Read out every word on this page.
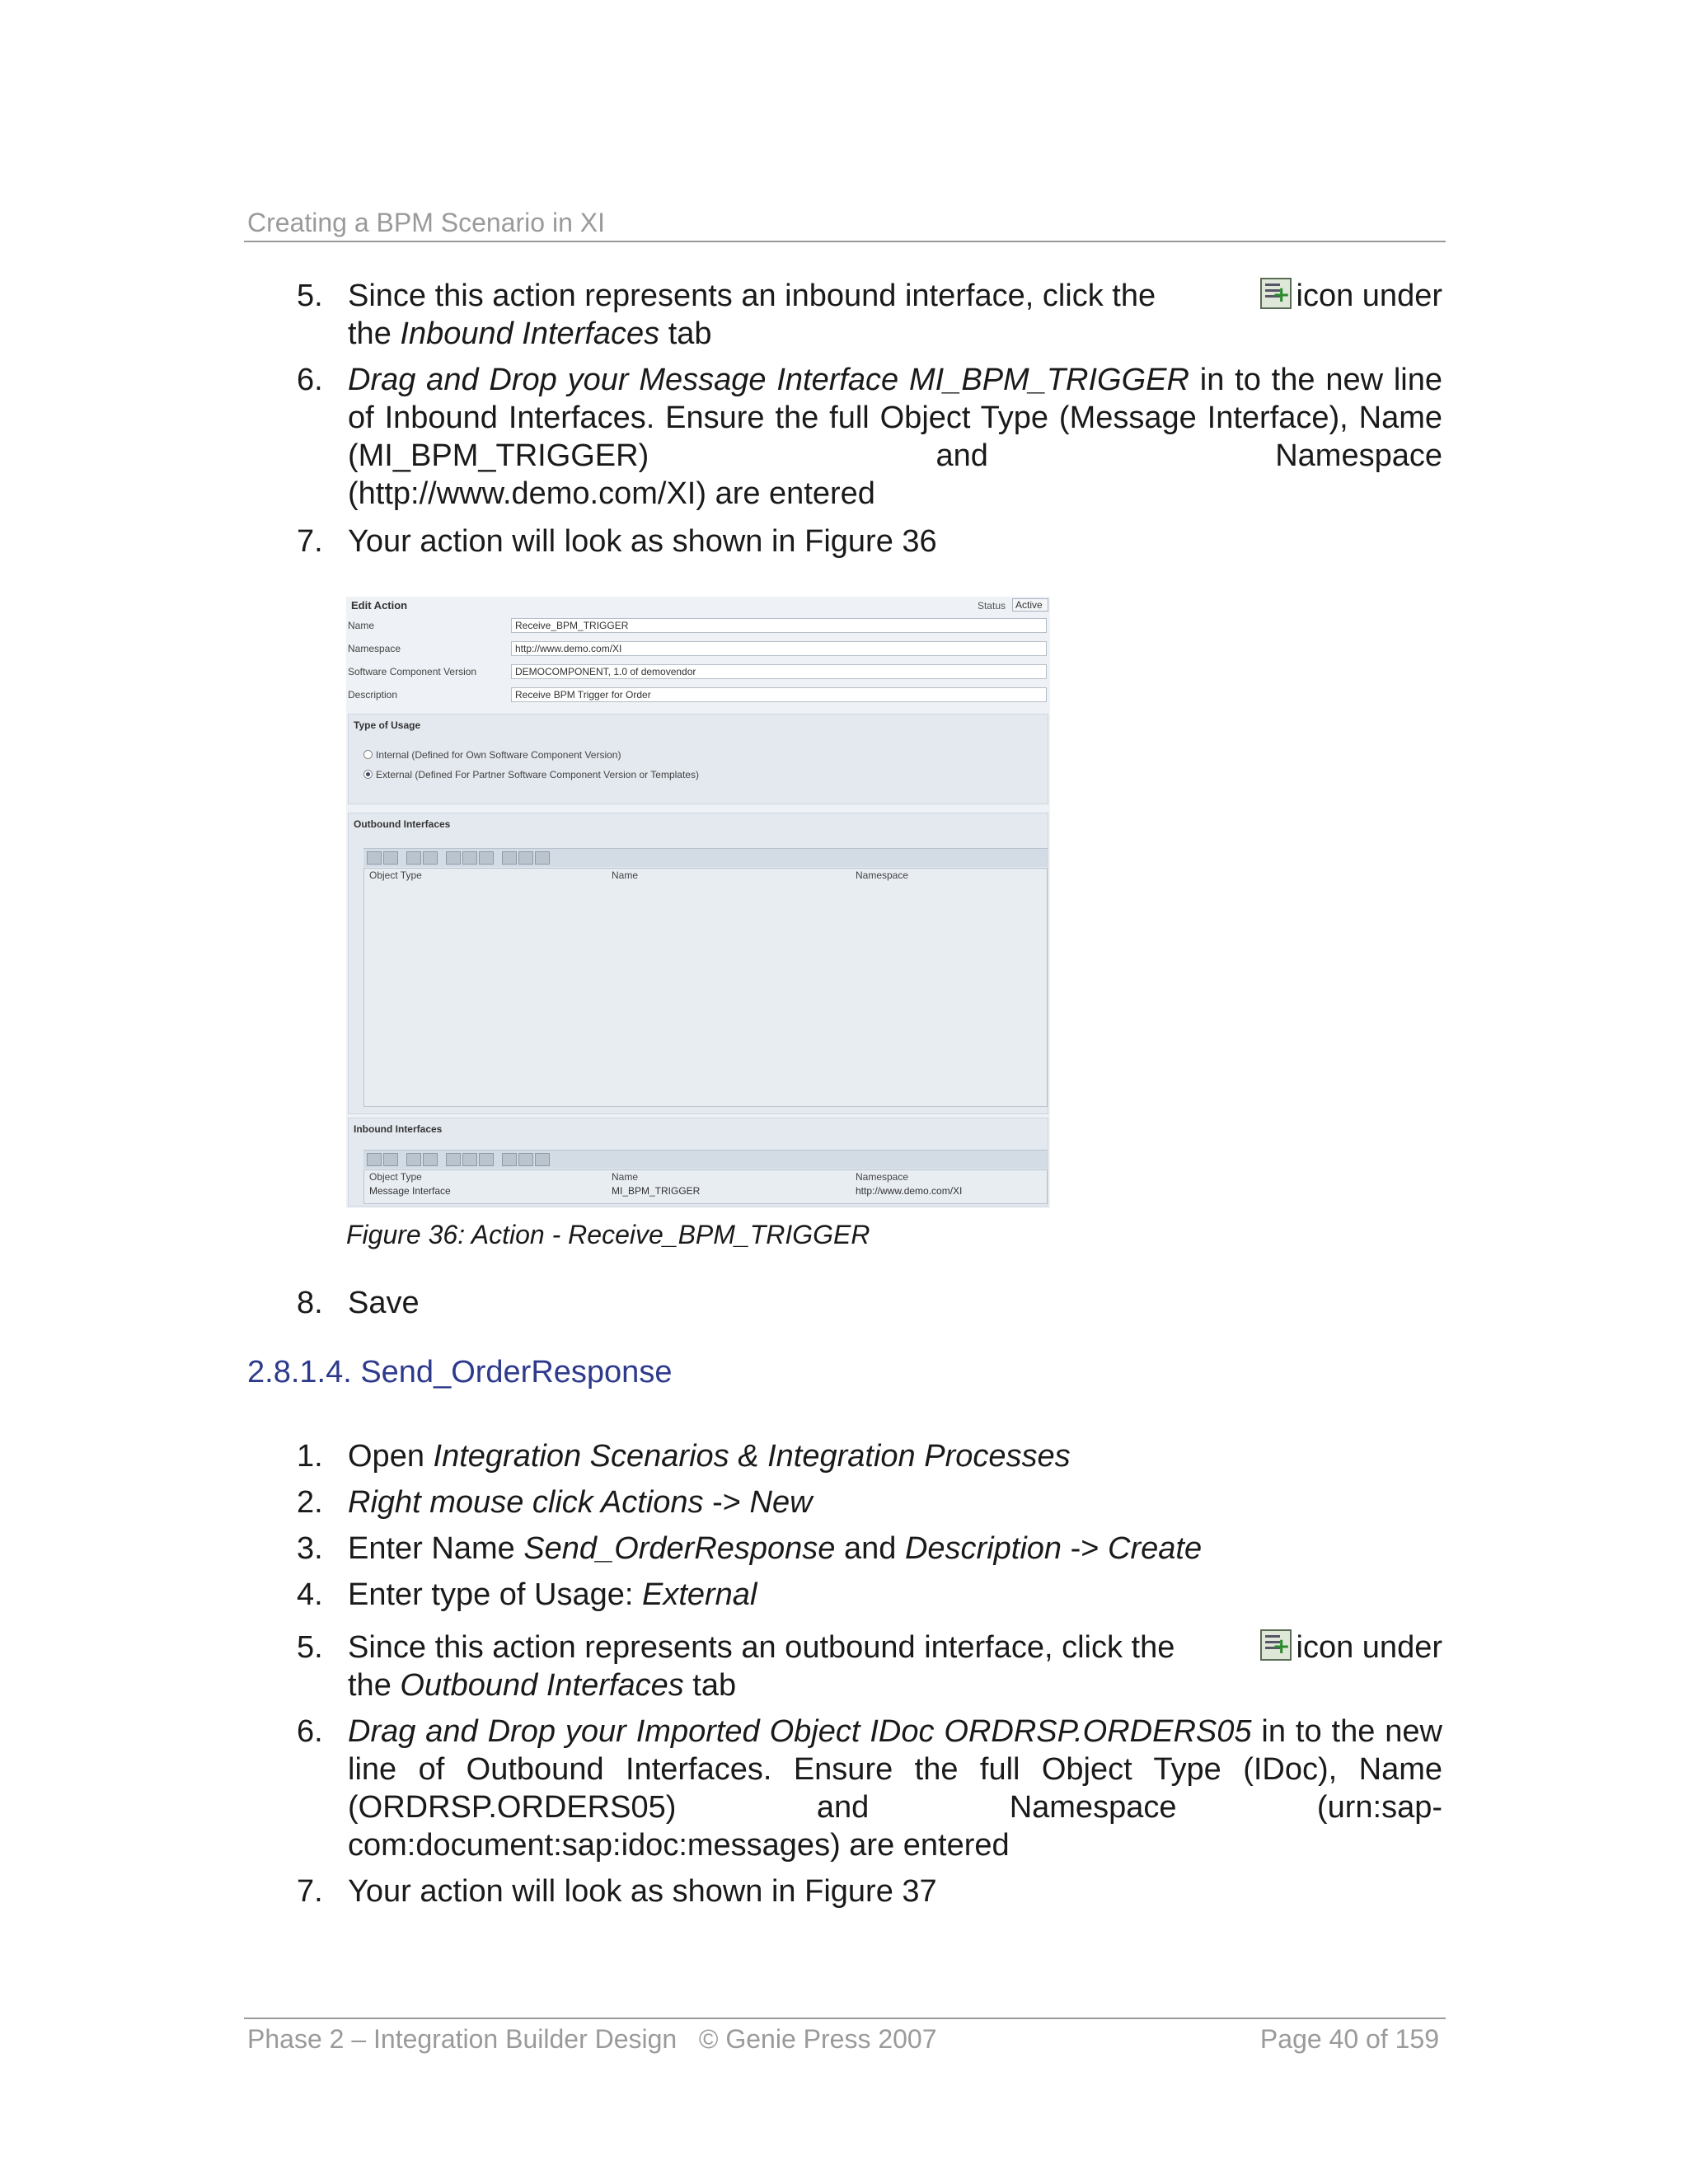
Creating a BPM Scenario in XI
5. Since this action represents an inbound interface, click the +	icon under
the Inbound Interfaces tab
6. Drag and Drop your Message Interface MI_BPM_TRIGGER in to the new line of Inbound Interfaces. Ensure the full Object Type (Message Interface), Name (MI_BPM_TRIGGER) and Namespace
(http://www.demo.com/XI) are entered
7. Your action will look as shown in Figure 36
Edit Action	Status	Active
Name	Receive_BPM_TRIGGER
Namespace	http://www.demo.com/XI
Software Component Version	DEMOCOMPONENT, 1.0 of demovendor
Description	Receive BPM Trigger for Order
Type of Usage
Internal (Defined for Own Software Component Version)
External (Defined For Partner Software Component Version or Templates)
Outbound Interfaces
Object Type	Name	Namespace
Inbound Interfaces
Object Type	Name	Namespace
Message Interface	MI_BPM_TRIGGER	http://www.demo.com/XI
Figure 36: Action - Receive_BPM_TRIGGER
8. Save
2.8.1.4. Send_OrderResponse
1. Open Integration Scenarios & Integration Processes
2. Right mouse click Actions -> New
3. Enter Name Send_OrderResponse and Description -> Create
4. Enter type of Usage: External
5. Since this action represents an outbound interface, click the +	icon under
the Outbound Interfaces tab
6. Drag and Drop your Imported Object IDoc ORDRSP.ORDERS05 in to the new line of Outbound Interfaces. Ensure the full Object Type (IDoc), Name (ORDRSP.ORDERS05) and Namespace (urn:sap-
com:document:sap:idoc:messages) are entered
7. Your action will look as shown in Figure 37
Phase 2 – Integration Builder Design   © Genie Press 2007	Page 40 of 159
